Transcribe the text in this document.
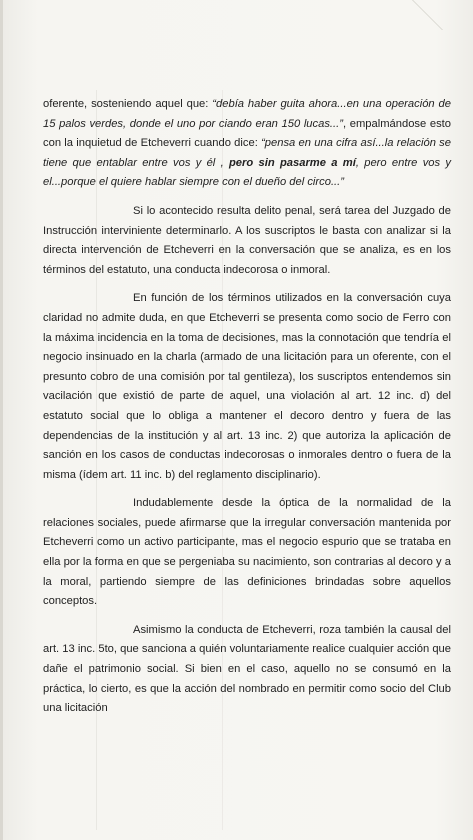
oferente, sosteniendo aquel que: “debía haber guita ahora...en una operación de 15 palos verdes, donde el uno por ciando eran 150 lucas...”, empalmándose esto con la inquietud de Etcheverri cuando dice: “pensa en una cifra así...la relación se tiene que entablar entre vos y él , pero sin pasarme a mí, pero entre vos y el...porque el quiere hablar siempre con el dueño del circo...”

Si lo acontecido resulta delito penal, será tarea del Juzgado de Instrucción interviniente determinarlo. A los suscriptos le basta con analizar si la directa intervención de Etcheverri en la conversación que se analiza, es en los términos del estatuto, una conducta indecorosa o inmoral.

En función de los términos utilizados en la conversación cuya claridad no admite duda, en que Etcheverri se presenta como socio de Ferro con la máxima incidencia en la toma de decisiones, mas la connotación que tendría el negocio insinuado en la charla (armado de una licitación para un oferente, con el presunto cobro de una comisión por tal gentileza), los suscriptos entendemos sin vacilación que existió de parte de aquel, una violación al art. 12 inc. d) del estatuto social que lo obliga a mantener el decoro dentro y fuera de las dependencias de la institución y al art. 13 inc. 2) que autoriza la aplicación de sanción en los casos de conductas indecorosas o inmorales dentro o fuera de la misma (ídem art. 11 inc. b) del reglamento disciplinario).

Indudablemente desde la óptica de la normalidad de la relaciones sociales, puede afirmarse que la irregular conversación mantenida por Etcheverri como un activo participante, mas el negocio espurio que se trataba en ella por la forma en que se pergeniaba su nacimiento, son contrarias al decoro y a la moral, partiendo siempre de las definiciones brindadas sobre aquellos conceptos.

Asimismo la conducta de Etcheverri, roza también la causal del art. 13 inc. 5to, que sanciona a quién voluntariamente realice cualquier acción que dañe el patrimonio social. Si bien en el caso, aquello no se consumó en la práctica, lo cierto, es que la acción del nombrado en permitir como socio del Club una licitación
